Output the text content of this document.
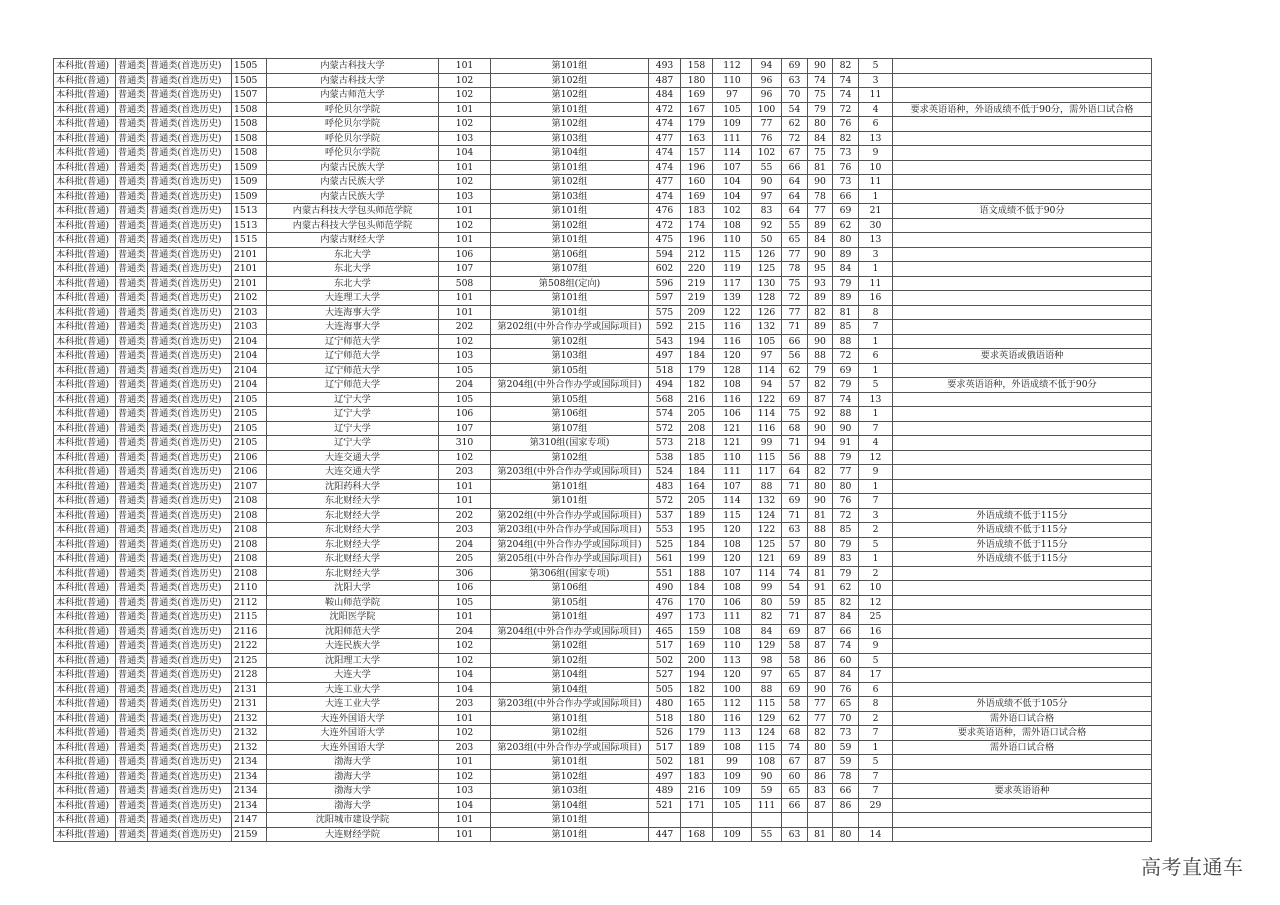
本科批(普通)	普通类	普通类(首选历史)	1505	内蒙古科技大学	101	第101组	493	158	112	94	69	90	82	5	
本科批(普通)	普通类	普通类(首选历史)	1505	内蒙古科技大学	102	第102组	487	180	110	96	63	74	74	3	
本科批(普通)	普通类	普通类(首选历史)	1507	内蒙古师范大学	102	第102组	484	169	97	96	70	75	74	11	
本科批(普通)	普通类	普通类(首选历史)	1508	呼伦贝尔学院	101	第101组	472	167	105	100	54	79	72	4	要求英语语种，外语成绩不低于90分，需外语口试合格
本科批(普通)	普通类	普通类(首选历史)	1508	呼伦贝尔学院	102	第102组	474	179	109	77	62	80	76	6	
本科批(普通)	普通类	普通类(首选历史)	1508	呼伦贝尔学院	103	第103组	477	163	111	76	72	84	82	13	
本科批(普通)	普通类	普通类(首选历史)	1508	呼伦贝尔学院	104	第104组	474	157	114	102	67	75	73	9	
本科批(普通)	普通类	普通类(首选历史)	1509	内蒙古民族大学	101	第101组	474	196	107	55	66	81	76	10	
本科批(普通)	普通类	普通类(首选历史)	1509	内蒙古民族大学	102	第102组	477	160	104	90	64	90	73	11	
本科批(普通)	普通类	普通类(首选历史)	1509	内蒙古民族大学	103	第103组	474	169	104	97	64	78	66	1	
本科批(普通)	普通类	普通类(首选历史)	1513	内蒙古科技大学包头师范学院	101	第101组	476	183	102	83	64	77	69	21	语文成绩不低于90分
本科批(普通)	普通类	普通类(首选历史)	1513	内蒙古科技大学包头师范学院	102	第102组	472	174	108	92	55	89	62	30	
本科批(普通)	普通类	普通类(首选历史)	1515	内蒙古财经大学	101	第101组	475	196	110	50	65	84	80	13	
本科批(普通)	普通类	普通类(首选历史)	2101	东北大学	106	第106组	594	212	115	126	77	90	89	3	
本科批(普通)	普通类	普通类(首选历史)	2101	东北大学	107	第107组	602	220	119	125	78	95	84	1	
本科批(普通)	普通类	普通类(首选历史)	2101	东北大学	508	第508组(定向)	596	219	117	130	75	93	79	11	
本科批(普通)	普通类	普通类(首选历史)	2102	大连理工大学	101	第101组	597	219	139	128	72	89	89	16	
本科批(普通)	普通类	普通类(首选历史)	2103	大连海事大学	101	第101组	575	209	122	126	77	82	81	8	
本科批(普通)	普通类	普通类(首选历史)	2103	大连海事大学	202	第202组(中外合作办学或国际项目)	592	215	116	132	71	89	85	7	
本科批(普通)	普通类	普通类(首选历史)	2104	辽宁师范大学	102	第102组	543	194	116	105	66	90	88	1	
本科批(普通)	普通类	普通类(首选历史)	2104	辽宁师范大学	103	第103组	497	184	120	97	56	88	72	6	要求英语或俄语语种
本科批(普通)	普通类	普通类(首选历史)	2104	辽宁师范大学	105	第105组	518	179	128	114	62	79	69	1	
本科批(普通)	普通类	普通类(首选历史)	2104	辽宁师范大学	204	第204组(中外合作办学或国际项目)	494	182	108	94	57	82	79	5	要求英语语种，外语成绩不低于90分
本科批(普通)	普通类	普通类(首选历史)	2105	辽宁大学	105	第105组	568	216	116	122	69	87	74	13	
本科批(普通)	普通类	普通类(首选历史)	2105	辽宁大学	106	第106组	574	205	106	114	75	92	88	1	
本科批(普通)	普通类	普通类(首选历史)	2105	辽宁大学	107	第107组	572	208	121	116	68	90	90	7	
本科批(普通)	普通类	普通类(首选历史)	2105	辽宁大学	310	第310组(国家专项)	573	218	121	99	71	94	91	4	
本科批(普通)	普通类	普通类(首选历史)	2106	大连交通大学	102	第102组	538	185	110	115	56	88	79	12	
本科批(普通)	普通类	普通类(首选历史)	2106	大连交通大学	203	第203组(中外合作办学或国际项目)	524	184	111	117	64	82	77	9	
本科批(普通)	普通类	普通类(首选历史)	2107	沈阳药科大学	101	第101组	483	164	107	88	71	80	80	1	
本科批(普通)	普通类	普通类(首选历史)	2108	东北财经大学	101	第101组	572	205	114	132	69	90	76	7	
本科批(普通)	普通类	普通类(首选历史)	2108	东北财经大学	202	第202组(中外合作办学或国际项目)	537	189	115	124	71	81	72	3	外语成绩不低于115分
本科批(普通)	普通类	普通类(首选历史)	2108	东北财经大学	203	第203组(中外合作办学或国际项目)	553	195	120	122	63	88	85	2	外语成绩不低于115分
本科批(普通)	普通类	普通类(首选历史)	2108	东北财经大学	204	第204组(中外合作办学或国际项目)	525	184	108	125	57	80	79	5	外语成绩不低于115分
本科批(普通)	普通类	普通类(首选历史)	2108	东北财经大学	205	第205组(中外合作办学或国际项目)	561	199	120	121	69	89	83	1	外语成绩不低于115分
本科批(普通)	普通类	普通类(首选历史)	2108	东北财经大学	306	第306组(国家专项)	551	188	107	114	74	81	79	2	
本科批(普通)	普通类	普通类(首选历史)	2110	沈阳大学	106	第106组	490	184	108	99	54	91	62	10	
本科批(普通)	普通类	普通类(首选历史)	2112	鞍山师范学院	105	第105组	476	170	106	80	59	85	82	12	
本科批(普通)	普通类	普通类(首选历史)	2115	沈阳医学院	101	第101组	497	173	111	82	71	87	84	25	
本科批(普通)	普通类	普通类(首选历史)	2116	沈阳师范大学	204	第204组(中外合作办学或国际项目)	465	159	108	84	69	87	66	16	
本科批(普通)	普通类	普通类(首选历史)	2122	大连民族大学	102	第102组	517	169	110	129	58	87	74	9	
本科批(普通)	普通类	普通类(首选历史)	2125	沈阳理工大学	102	第102组	502	200	113	98	58	86	60	5	
本科批(普通)	普通类	普通类(首选历史)	2128	大连大学	104	第104组	527	194	120	97	65	87	84	17	
本科批(普通)	普通类	普通类(首选历史)	2131	大连工业大学	104	第104组	505	182	100	88	69	90	76	6	
本科批(普通)	普通类	普通类(首选历史)	2131	大连工业大学	203	第203组(中外合作办学或国际项目)	480	165	112	115	58	77	65	8	外语成绩不低于105分
本科批(普通)	普通类	普通类(首选历史)	2132	大连外国语大学	101	第101组	518	180	116	129	62	77	70	2	需外语口试合格
本科批(普通)	普通类	普通类(首选历史)	2132	大连外国语大学	102	第102组	526	179	113	124	68	82	73	7	要求英语语种，需外语口试合格
本科批(普通)	普通类	普通类(首选历史)	2132	大连外国语大学	203	第203组(中外合作办学或国际项目)	517	189	108	115	74	80	59	1	需外语口试合格
本科批(普通)	普通类	普通类(首选历史)	2134	渤海大学	101	第101组	502	181	99	108	67	87	59	5	
本科批(普通)	普通类	普通类(首选历史)	2134	渤海大学	102	第102组	497	183	109	90	60	86	78	7	
本科批(普通)	普通类	普通类(首选历史)	2134	渤海大学	103	第103组	489	216	109	59	65	83	66	7	要求英语语种
本科批(普通)	普通类	普通类(首选历史)	2134	渤海大学	104	第104组	521	171	105	111	66	87	86	29	
本科批(普通)	普通类	普通类(首选历史)	2147	沈阳城市建设学院	101	第101组									
本科批(普通)	普通类	普通类(首选历史)	2159	大连财经学院	101	第101组	447	168	109	55	63	81	80	14	
高考直通车
